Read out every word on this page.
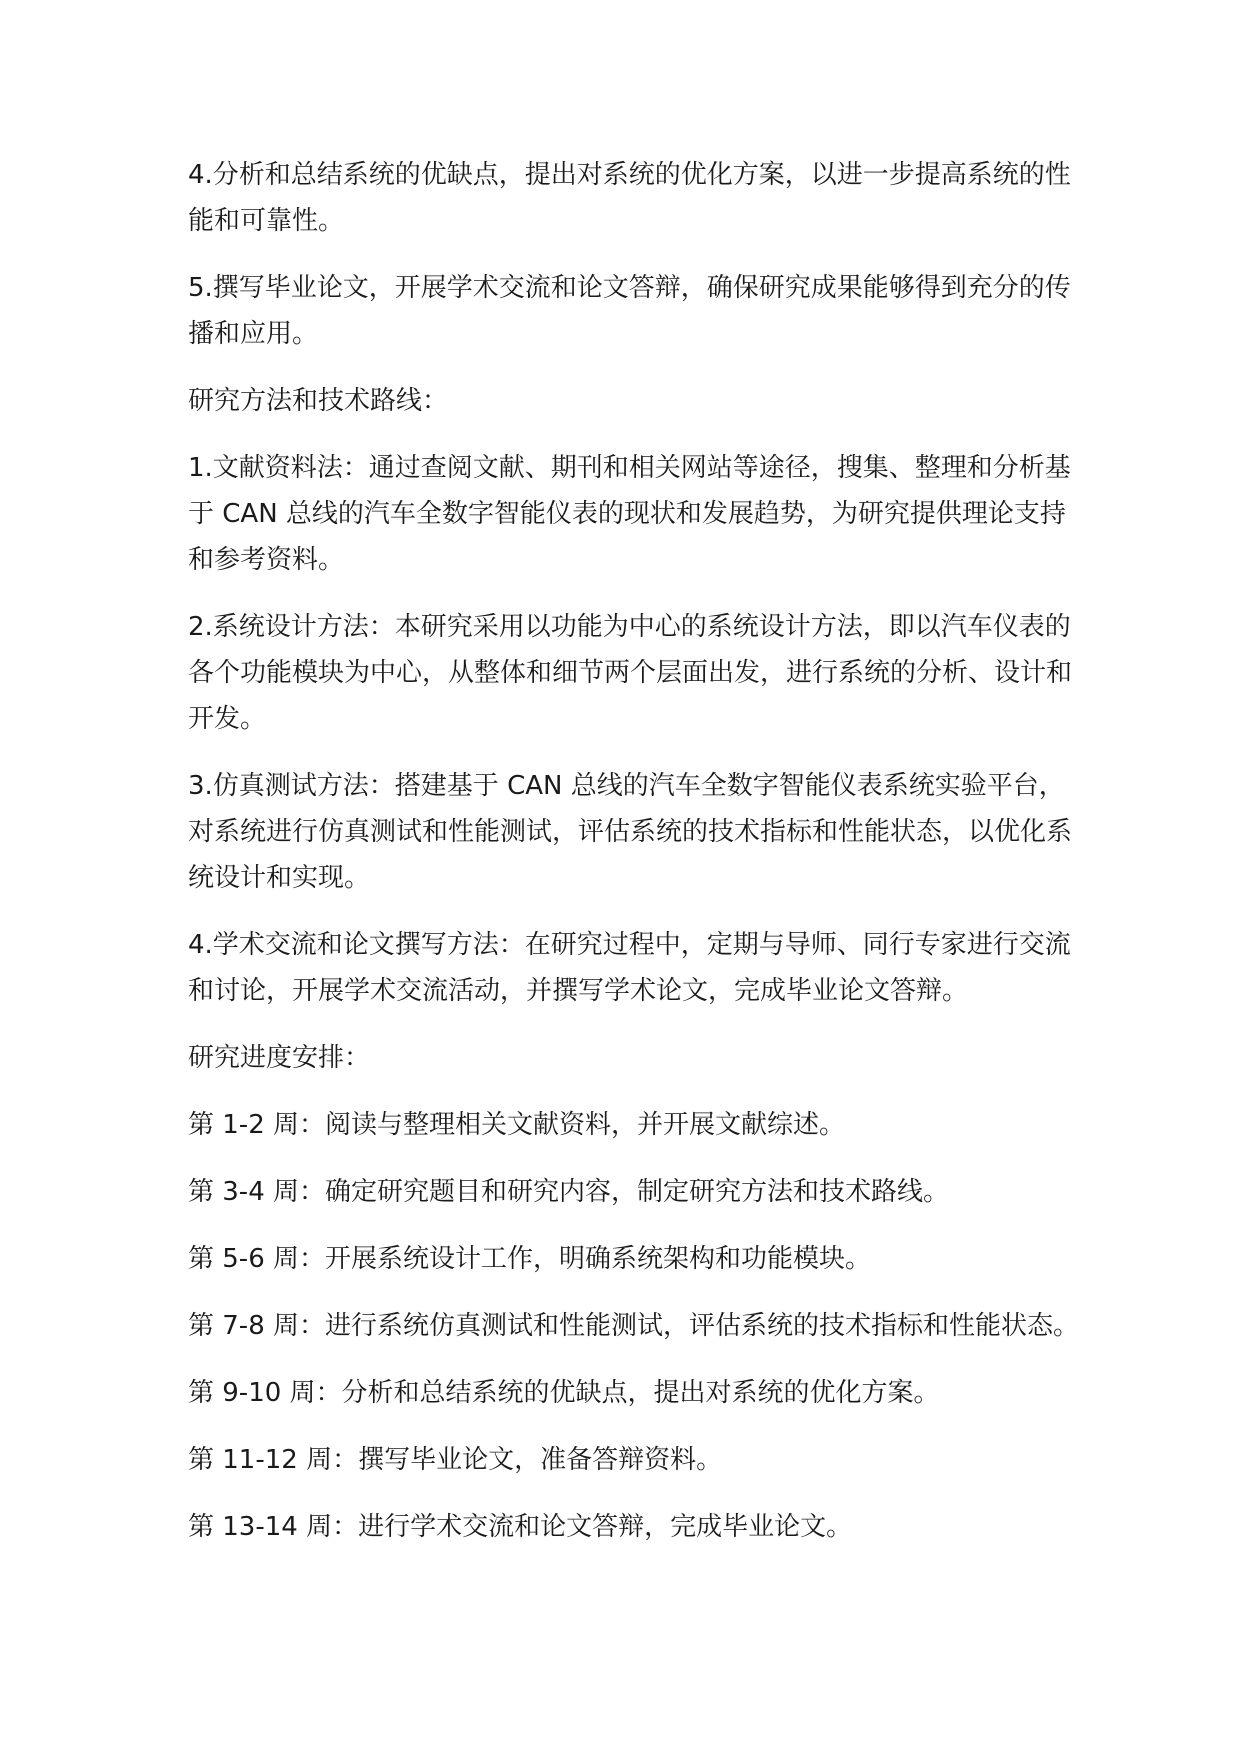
4.分析和总结系统的优缺点，提出对系统的优化方案，以进一步提高系统的性能和可靠性。

5.撰写毕业论文，开展学术交流和论文答辩，确保研究成果能够得到充分的传播和应用。

研究方法和技术路线：

1.文献资料法：通过查阅文献、期刊和相关网站等途径，搜集、整理和分析基于 CAN 总线的汽车全数字智能仪表的现状和发展趋势，为研究提供理论支持和参考资料。

2.系统设计方法：本研究采用以功能为中心的系统设计方法，即以汽车仪表的各个功能模块为中心，从整体和细节两个层面出发，进行系统的分析、设计和开发。

3.仿真测试方法：搭建基于 CAN 总线的汽车全数字智能仪表系统实验平台，对系统进行仿真测试和性能测试，评估系统的技术指标和性能状态，以优化系统设计和实现。

4.学术交流和论文撰写方法：在研究过程中，定期与导师、同行专家进行交流和讨论，开展学术交流活动，并撰写学术论文，完成毕业论文答辩。

研究进度安排：

第 1-2 周：阅读与整理相关文献资料，并开展文献综述。

第 3-4 周：确定研究题目和研究内容，制定研究方法和技术路线。

第 5-6 周：开展系统设计工作，明确系统架构和功能模块。

第 7-8 周：进行系统仿真测试和性能测试，评估系统的技术指标和性能状态。

第 9-10 周：分析和总结系统的优缺点，提出对系统的优化方案。

第 11-12 周：撰写毕业论文，准备答辩资料。

第 13-14 周：进行学术交流和论文答辩，完成毕业论文。
